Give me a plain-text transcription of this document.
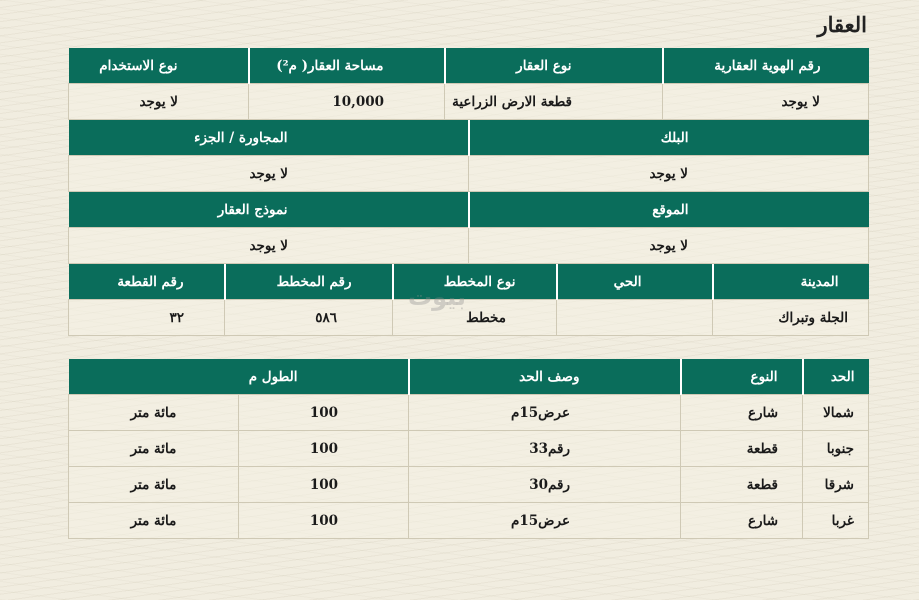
العقار
رقم الهوية العقارية	نوع العقار	مساحة العقار( م²)	نوع الاستخدام
لا يوجد	قطعة الارض الزراعية	10,000	لا يوجد
البلك	المجاورة / الجزء
لا يوجد	لا يوجد
الموقع	نموذج العقار
لا يوجد	لا يوجد
المدينة	الحي	نوع المخطط	رقم المخطط	رقم القطعة
الجلة وتبراك		مخطط	٥٨٦	٣٢
الحد	النوع	وصف الحد	الطول م	
شمالا	شارع	عرض15م	100	مائة متر
جنوبا	قطعة	رقم33	100	مائة متر
شرقا	قطعة	رقم30	100	مائة متر
غربا	شارع	عرض15م	100	مائة متر
بيوت
